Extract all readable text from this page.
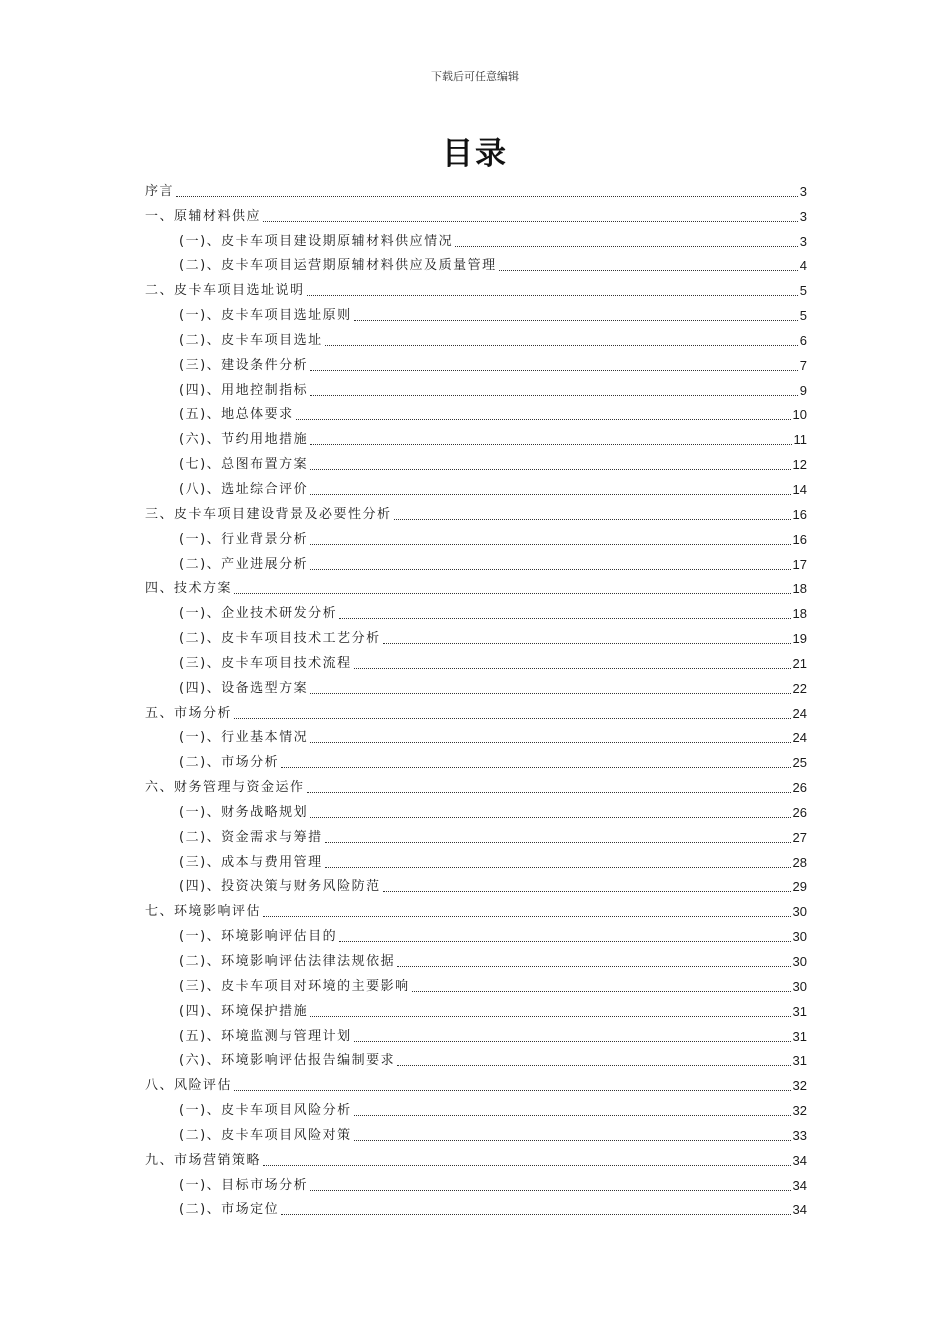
下载后可任意编辑
目录
序言	3
一、原辅材料供应	3
(一)、皮卡车项目建设期原辅材料供应情况	3
(二)、皮卡车项目运营期原辅材料供应及质量管理	4
二、皮卡车项目选址说明	5
(一)、皮卡车项目选址原则	5
(二)、皮卡车项目选址	6
(三)、建设条件分析	7
(四)、用地控制指标	9
(五)、地总体要求	10
(六)、节约用地措施	11
(七)、总图布置方案	12
(八)、选址综合评价	14
三、皮卡车项目建设背景及必要性分析	16
(一)、行业背景分析	16
(二)、产业进展分析	17
四、技术方案	18
(一)、企业技术研发分析	18
(二)、皮卡车项目技术工艺分析	19
(三)、皮卡车项目技术流程	21
(四)、设备选型方案	22
五、市场分析	24
(一)、行业基本情况	24
(二)、市场分析	25
六、财务管理与资金运作	26
(一)、财务战略规划	26
(二)、资金需求与筹措	27
(三)、成本与费用管理	28
(四)、投资决策与财务风险防范	29
七、环境影响评估	30
(一)、环境影响评估目的	30
(二)、环境影响评估法律法规依据	30
(三)、皮卡车项目对环境的主要影响	30
(四)、环境保护措施	31
(五)、环境监测与管理计划	31
(六)、环境影响评估报告编制要求	31
八、风险评估	32
(一)、皮卡车项目风险分析	32
(二)、皮卡车项目风险对策	33
九、市场营销策略	34
(一)、目标市场分析	34
(二)、市场定位	34
